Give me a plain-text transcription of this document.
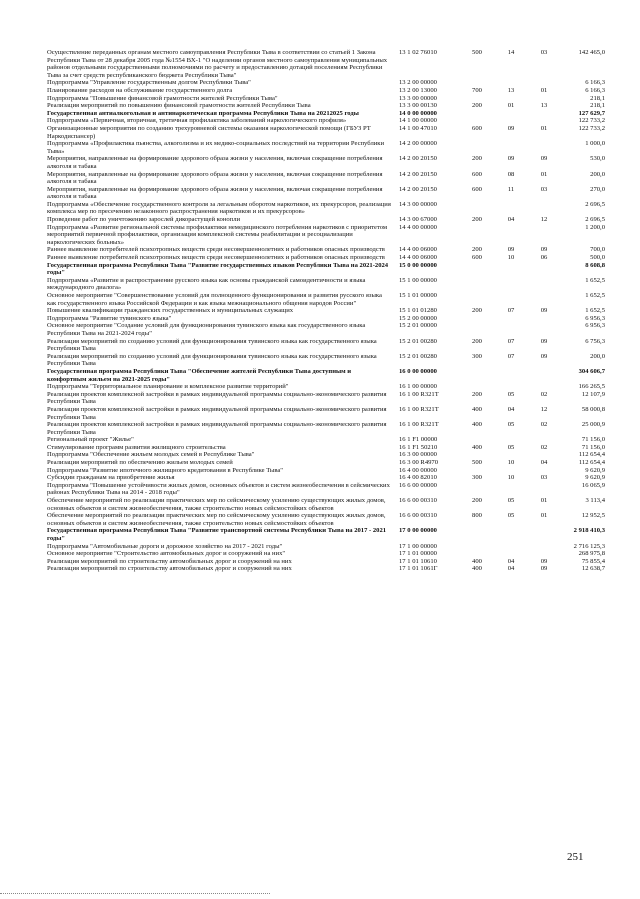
Осуществление переданных органам местного самоуправления Республики Тыва в соответствии со статьей 1 Закона Республики Тыва от 28 декабря 2005 года №1554 ВХ-1 "О наделении органов местного самоуправления муниципальных районов отдельными государственными полномочиями по расчету и предоставлению дотаций поселениям Республики Тыва за счет средств республиканского бюджета Республики Тыва"
13 1 02 76010	500	14	03	142 465,0
Подпрограмма "Управление государственным долгом Республики Тыва"	13 2 00 00000	6 166,3
Планирование расходов на обслуживание государственного долга	13 2 00 13000	700	13	01	6 166,3
Подпрограмма "Повышение финансовой грамотности жителей Республики Тыва"	13 3 00 00000	218,1
Реализация мероприятий по повышению финансовой грамотности жителей Республики Тыва	13 3 00 00130	200	01	13	218,1
Государственная антиалкогольная и антинаркотическая программа Республики Тыва на 20212025 годы	14 0 00 00000	127 629,7
Подпрограмма «Первичная, вторичная, третичная профилактика заболеваний наркологического профиля»	14 1 00 00000	122 733,2
Организационные мероприятия по созданию трехуровневой системы оказания наркологической помощи (ГБУЗ РТ Наркодиспансер)
14 1 00 47010	600	09	01	122 733,2
Подпрограмма «Профилактика пьянства, алкоголизма и их медико-социальных последствий на территории Республики Тыва»
14 2 00 00000	1 000,0
Мероприятия, направленные на формирование здорового образа жизни у населения, включая сокращение потребления алкоголя и табака
14 2 00 20150	200	09	09	530,0
Мероприятия, направленные на формирование здорового образа жизни у населения, включая сокращение потребления алкоголя и табака
14 2 00 20150	600	08	01	200,0
Мероприятия, направленные на формирование здорового образа жизни у населения, включая сокращение потребления алкоголя и табака
14 2 00 20150	600	11	03	270,0
Подпрограмма «Обеспечение государственного контроля за легальным оборотом наркотиков, их прекурсоров, реализация комплекса мер по пресечению незаконного распространения наркотиков и их прекурсоров»
14 3 00 00000	2 696,5
Проведение работ по уничтожению зарослей дикорастущей конопли	14 3 00 67000	200	04	12	2 696,5
Подпрограмма «Развитие региональной системы профилактики немедицинского потребления наркотиков с приоритетом мероприятий первичной профилактики, организация комплексной системы реабилитации и ресоциализации наркологических больных»
14 4 00 00000	1 200,0
Раннее выявление потребителей психотропных веществ среди несовершеннолетних и работников опасных производств	14 4 00 06000	200	09	09	700,0
Раннее выявление потребителей психотропных веществ среди несовершеннолетних и работников опасных производств	14 4 00 06000	600	10	06	500,0
Государственная программа Республики Тыва "Развитие государственных языков Республики Тыва на 2021-2024 годы"
15 0 00 00000	8 608,8
Подпрограмма «Развитие и распространение русского языка как основы гражданской самоидентичности и языка международного диалога»
15 1 00 00000	1 652,5
Основное мероприятие "Совершенствование условий для полноценного функционирования и развития русского языка как государственного языка Российской Федерации и как языка межнационального общения народов России"
15 1 01 00000	1 652,5
Повышение квалификации гражданских государственных и муниципальных служащих	15 1 01 01280	200	07	09	1 652,5
Подпрограмма "Развитие тувинского языка"	15 2 00 00000	6 956,3
Основное мероприятие "Создание условий для функционирования тувинского языка как государственного языка Республики Тыва на 2021-2024 годы"
15 2 01 00000	6 956,3
Реализация мероприятий по созданию условий для функционирования тувинского языка как государственного языка Республики Тыва
15 2 01 00280	200	07	09	6 756,3
Реализация мероприятий по созданию условий для функционирования тувинского языка как государственного языка Республики Тыва
15 2 01 00280	300	07	09	200,0
Государственная программа Республики Тыва "Обеспечение жителей Республики Тыва доступным и комфортным жильем на 2021-2025 годы"
16 0 00 00000	304 606,7
Подпрограмма "Территориальное планирование и комплексное развитие территорий"	16 1 00 00000	166 265,5
Реализация проектов комплексной застройки в рамках индивидуальной программы социально-экономического развития Республики Тыва
16 1 00 R321Т	200	05	02	12 107,9
Реализация проектов комплексной застройки в рамках индивидуальной программы социально-экономического развития Республики Тыва
16 1 00 R321Т	400	04	12	58 000,8
Реализация проектов комплексной застройки в рамках индивидуальной программы социально-экономического развития Республики Тыва
16 1 00 R321Т	400	05	02	25 000,9
Региональный проект "Жилье"	16 1 F1 00000	71 156,0
Стимулирование программ развития жилищного строительства	16 1 F1 50210	400	05	02	71 156,0
Подпрограмма "Обеспечение жильем молодых семей в Республике Тыва"	16 3 00 00000	112 654,4
Реализация мероприятий по обеспечению жильем молодых семей	16 3 00 R4970	500	10	04	112 654,4
Подпрограмма "Развитие ипотечного жилищного кредитования в Республике Тыва"	16 4 00 00000	9 620,9
Субсидии гражданам на приобретение жилья	16 4 00 82010	300	10	03	9 620,9
Подпрограмма "Повышение устойчивости жилых домов, основных объектов и систем жизнеобеспечения в сейсмических районах Республики Тыва на 2014 - 2018 годы"
16 6 00 00000	16 065,9
Обеспечение мероприятий по реализации практических мер по сейсмическому усилению существующих жилых домов, основных объектов и систем жизнеобеспечения, также строительство новых сейсмостойких объектов
16 6 00 00310	200	05	01	3 113,4
Обеспечение мероприятий по реализации практических мер по сейсмическому усилению существующих жилых домов, основных объектов и систем жизнеобеспечения, также строительство новых сейсмостойких объектов
16 6 00 00310	800	05	01	12 952,5
Государственная программа Республики Тыва "Развитие транспортной системы Республики Тыва на 2017 - 2021 годы"
17 0 00 00000	2 918 410,3
Подпрограмма "Автомобильные дороги и дорожное хозяйство на 2017 - 2021 годы"	17 1 00 00000	2 716 125,3
Основное мероприятие "Строительство автомобильных дорог и сооружений на них"	17 1 01 00000	268 975,8
Реализация мероприятий по строительству автомобильных дорог и сооружений на них	17 1 01 10610	400	04	09	75 855,4
Реализация мероприятий по строительству автомобильных дорог и сооружений на них	17 1 01 1061Г	400	04	09	12 638,7
251
